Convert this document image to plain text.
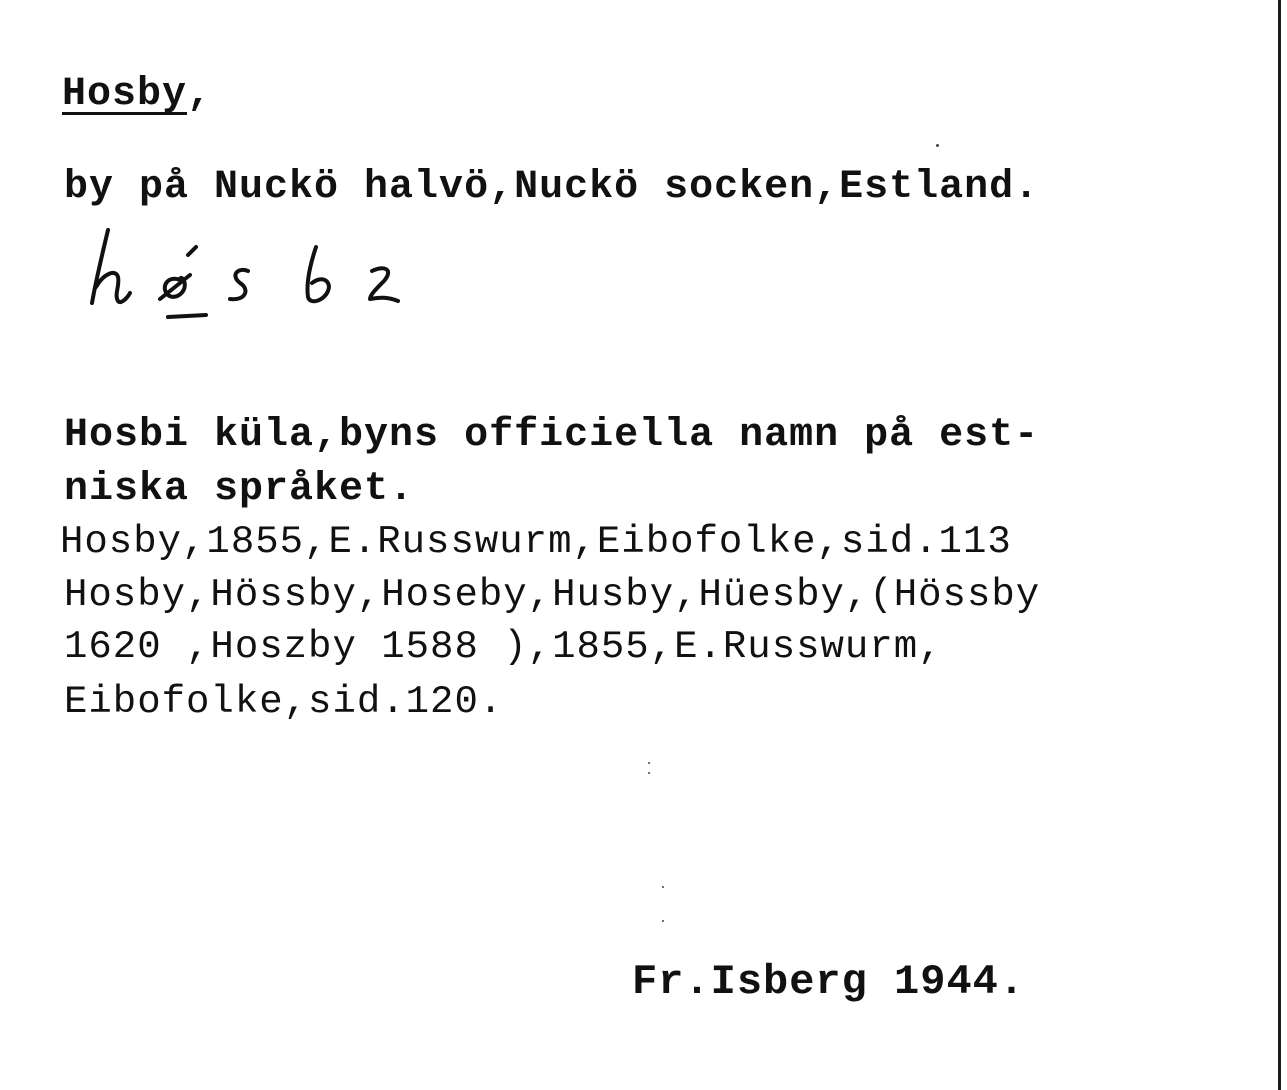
Hosby,
by på Nuckö halvö,Nuckö socken,Estland.
Hosbi küla,byns officiella namn på est-
niska språket.
Hosby,1855,E.Russwurm,Eibofolke,sid.113
Hosby,Hössby,Hoseby,Husby,Hüesby,(Hössby
1620 ,Hoszby 1588 ),1855,E.Russwurm,
Eibofolke,sid.120.
Fr.Isberg 1944.
